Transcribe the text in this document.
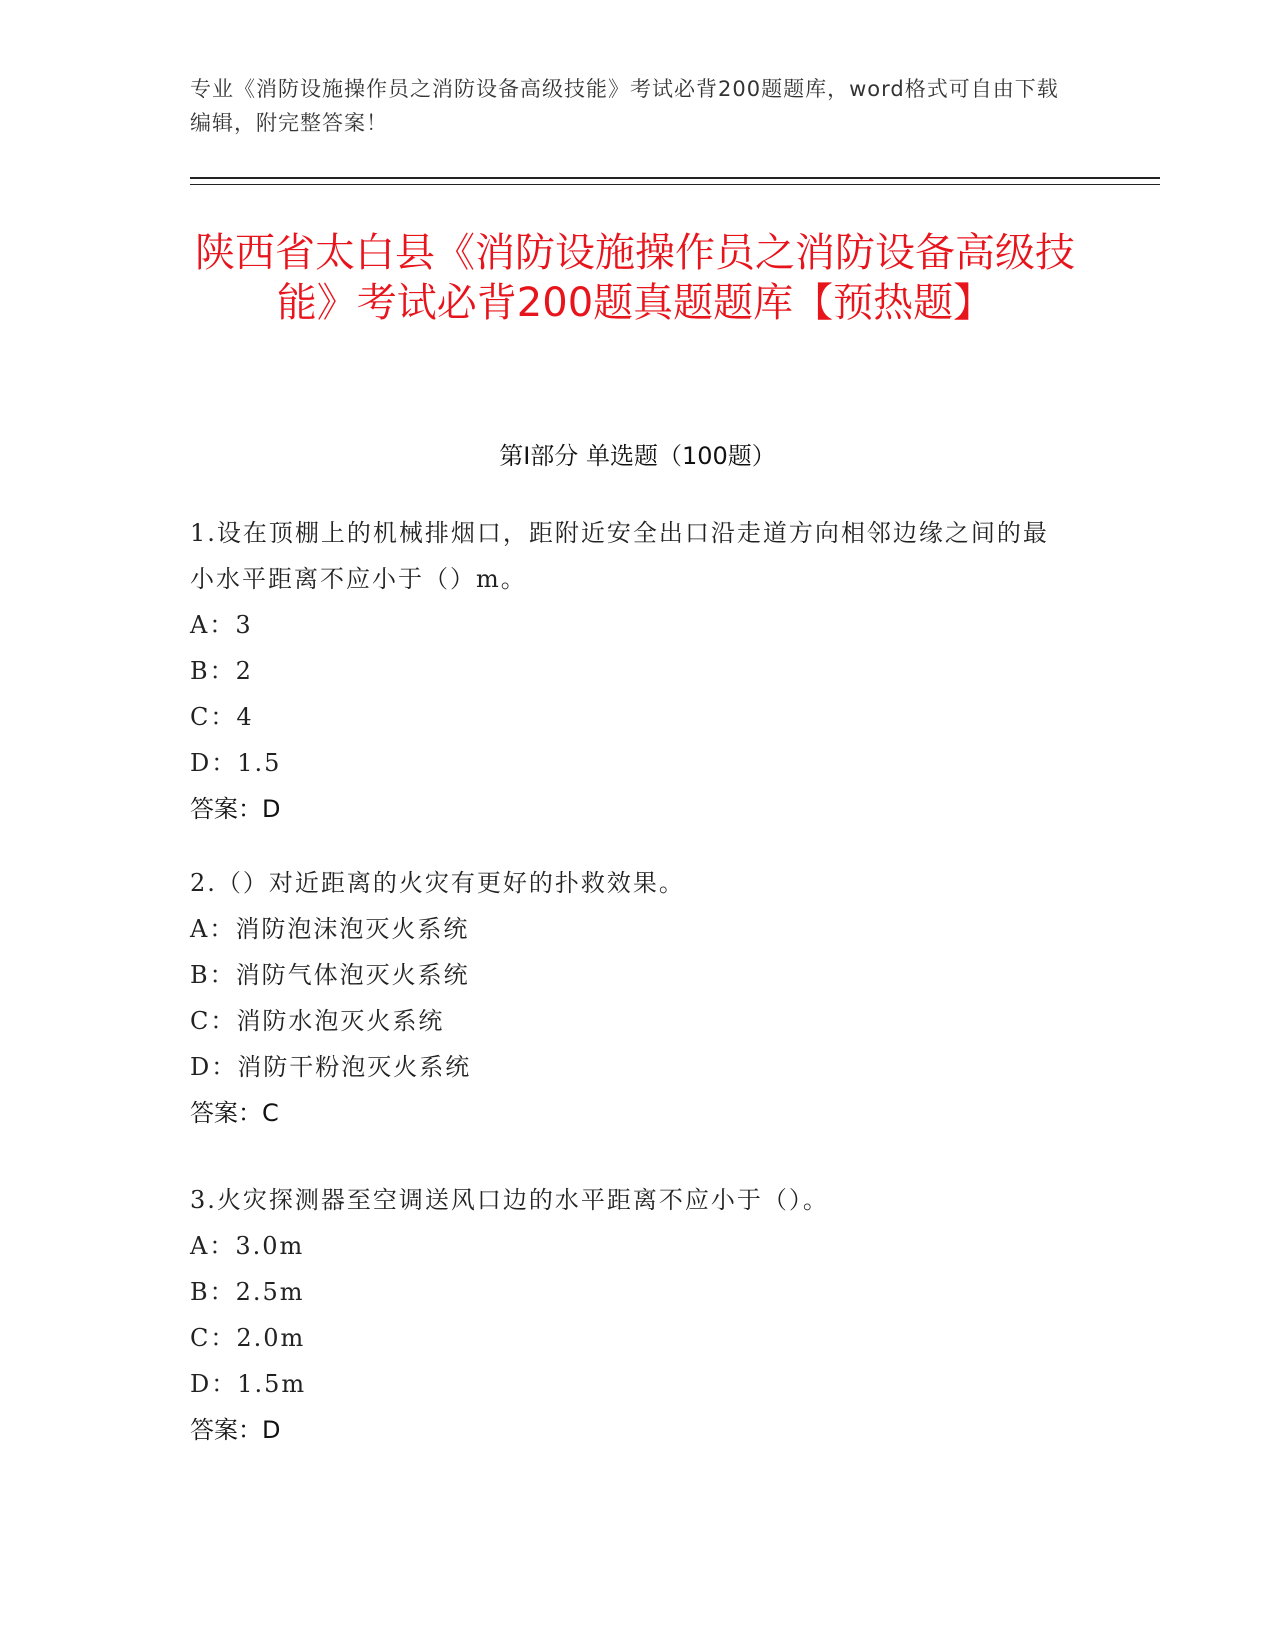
专业《消防设施操作员之消防设备高级技能》考试必背200题题库，word格式可自由下载编辑，附完整答案！
陕西省太白县《消防设施操作员之消防设备高级技能》考试必背200题真题题库【预热题】
第I部分 单选题（100题）
1.设在顶棚上的机械排烟口，距附近安全出口沿走道方向相邻边缘之间的最小水平距离不应小于（）m。
A：3
B：2
C：4
D：1.5
答案：D
2.（）对近距离的火灾有更好的扑救效果。
A：消防泡沫泡灭火系统
B：消防气体泡灭火系统
C：消防水泡灭火系统
D：消防干粉泡灭火系统
答案：C
3.火灾探测器至空调送风口边的水平距离不应小于（）。
A：3.0m
B：2.5m
C：2.0m
D：1.5m
答案：D
